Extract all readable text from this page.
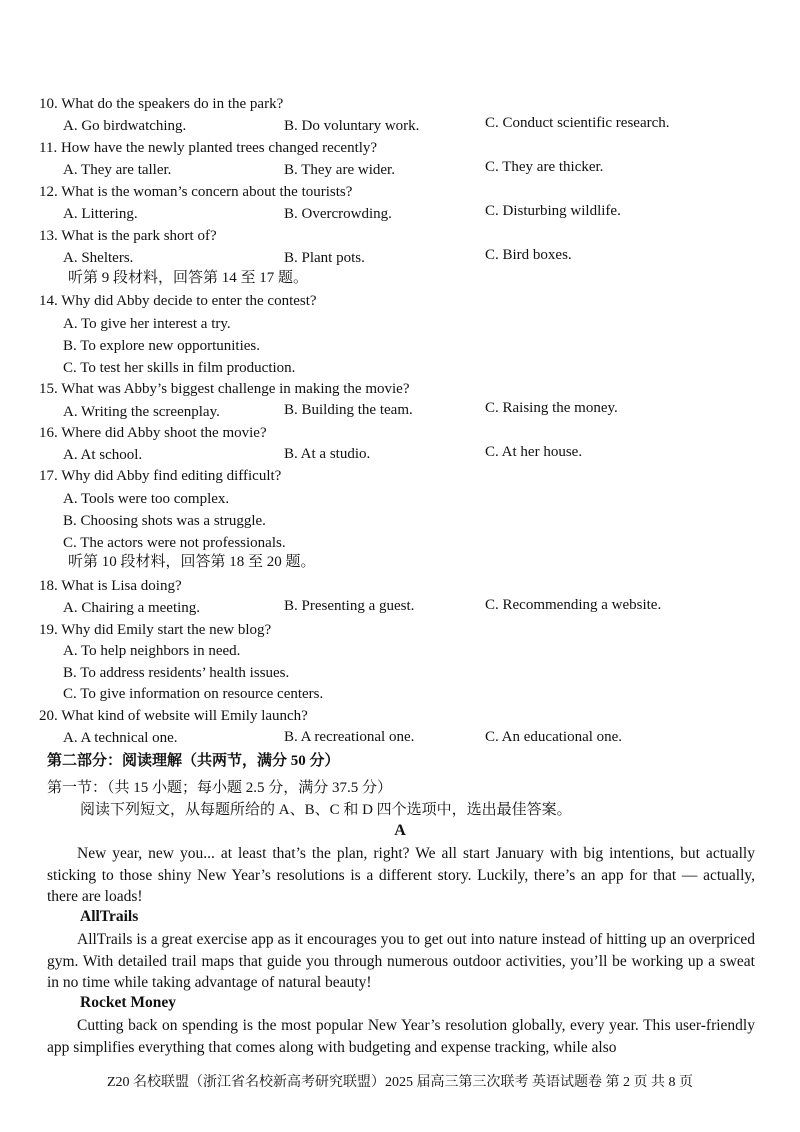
10. What do the speakers do in the park?
A. Go birdwatching.	B. Do voluntary work.	C. Conduct scientific research.
11. How have the newly planted trees changed recently?
A. They are taller.	B. They are wider.	C. They are thicker.
12. What is the woman’s concern about the tourists?
A. Littering.	B. Overcrowding.	C. Disturbing wildlife.
13. What is the park short of?
A. Shelters.	B. Plant pots.	C. Bird boxes.
听第 9 段材料，回答第 14 至 17 题。
14. Why did Abby decide to enter the contest?
A. To give her interest a try.
B. To explore new opportunities.
C. To test her skills in film production.
15. What was Abby’s biggest challenge in making the movie?
A. Writing the screenplay.	B. Building the team.	C. Raising the money.
16. Where did Abby shoot the movie?
A. At school.	B. At a studio.	C. At her house.
17. Why did Abby find editing difficult?
A. Tools were too complex.
B. Choosing shots was a struggle.
C. The actors were not professionals.
听第 10 段材料，回答第 18 至 20 题。
18. What is Lisa doing?
A. Chairing a meeting.	B. Presenting a guest.	C. Recommending a website.
19. Why did Emily start the new blog?
A. To help neighbors in need.
B. To address residents’ health issues.
C. To give information on resource centers.
20. What kind of website will Emily launch?
A. A technical one.	B. A recreational one.	C. An educational one.
第二部分：阅读理解（共两节，满分 50 分）
第一节：（共 15 小题；每小题 2.5 分，满分 37.5 分）
阅读下列短文，从每题所给的 A、B、C 和 D 四个选项中，选出最佳答案。
A

New year, new you... at least that’s the plan, right? We all start January with big intentions, but actually sticking to those shiny New Year’s resolutions is a different story. Luckily, there’s an app for that — actually, there are loads!

AllTrails

AllTrails is a great exercise app as it encourages you to get out into nature instead of hitting up an overpriced gym. With detailed trail maps that guide you through numerous outdoor activities, you’ll be working up a sweat in no time while taking advantage of natural beauty!

Rocket Money

Cutting back on spending is the most popular New Year’s resolution globally, every year. This user-friendly app simplifies everything that comes along with budgeting and expense tracking, while also

Z20 名校联盟（浙江省名校新高考研究联盟）2025 届高三第三次联考 英语试题卷 第 2 页 共 8 页
